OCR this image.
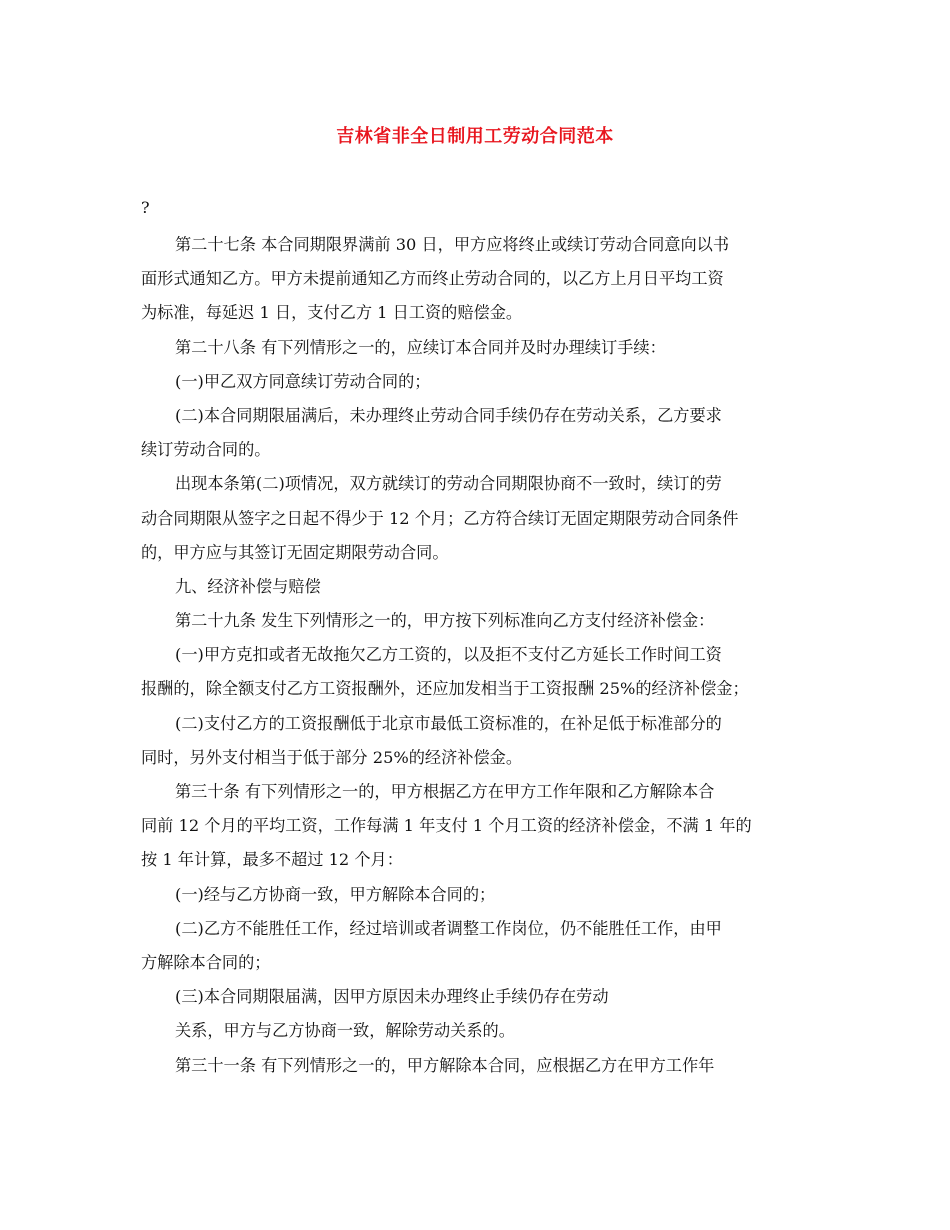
吉林省非全日制用工劳动合同范本
?
第二十七条 本合同期限界满前 30 日，甲方应将终止或续订劳动合同意向以书
面形式通知乙方。甲方未提前通知乙方而终止劳动合同的，以乙方上月日平均工资
为标准，每延迟 1 日，支付乙方 1 日工资的赔偿金。
第二十八条 有下列情形之一的，应续订本合同并及时办理续订手续：
(一)甲乙双方同意续订劳动合同的；
(二)本合同期限届满后，未办理终止劳动合同手续仍存在劳动关系，乙方要求
续订劳动合同的。
出现本条第(二)项情况，双方就续订的劳动合同期限协商不一致时，续订的劳
动合同期限从签字之日起不得少于 12 个月；乙方符合续订无固定期限劳动合同条件
的，甲方应与其签订无固定期限劳动合同。
九、经济补偿与赔偿
第二十九条 发生下列情形之一的，甲方按下列标准向乙方支付经济补偿金：
(一)甲方克扣或者无故拖欠乙方工资的，以及拒不支付乙方延长工作时间工资
报酬的，除全额支付乙方工资报酬外，还应加发相当于工资报酬 25%的经济补偿金；
(二)支付乙方的工资报酬低于北京市最低工资标准的，在补足低于标准部分的
同时，另外支付相当于低于部分 25%的经济补偿金。
第三十条 有下列情形之一的，甲方根据乙方在甲方工作年限和乙方解除本合
同前 12 个月的平均工资，工作每满 1 年支付 1 个月工资的经济补偿金，不满 1 年的
按 1 年计算，最多不超过 12 个月：
(一)经与乙方协商一致，甲方解除本合同的；
(二)乙方不能胜任工作，经过培训或者调整工作岗位，仍不能胜任工作，由甲
方解除本合同的；
(三)本合同期限届满，因甲方原因未办理终止手续仍存在劳动
关系，甲方与乙方协商一致，解除劳动关系的。
第三十一条 有下列情形之一的，甲方解除本合同，应根据乙方在甲方工作年
